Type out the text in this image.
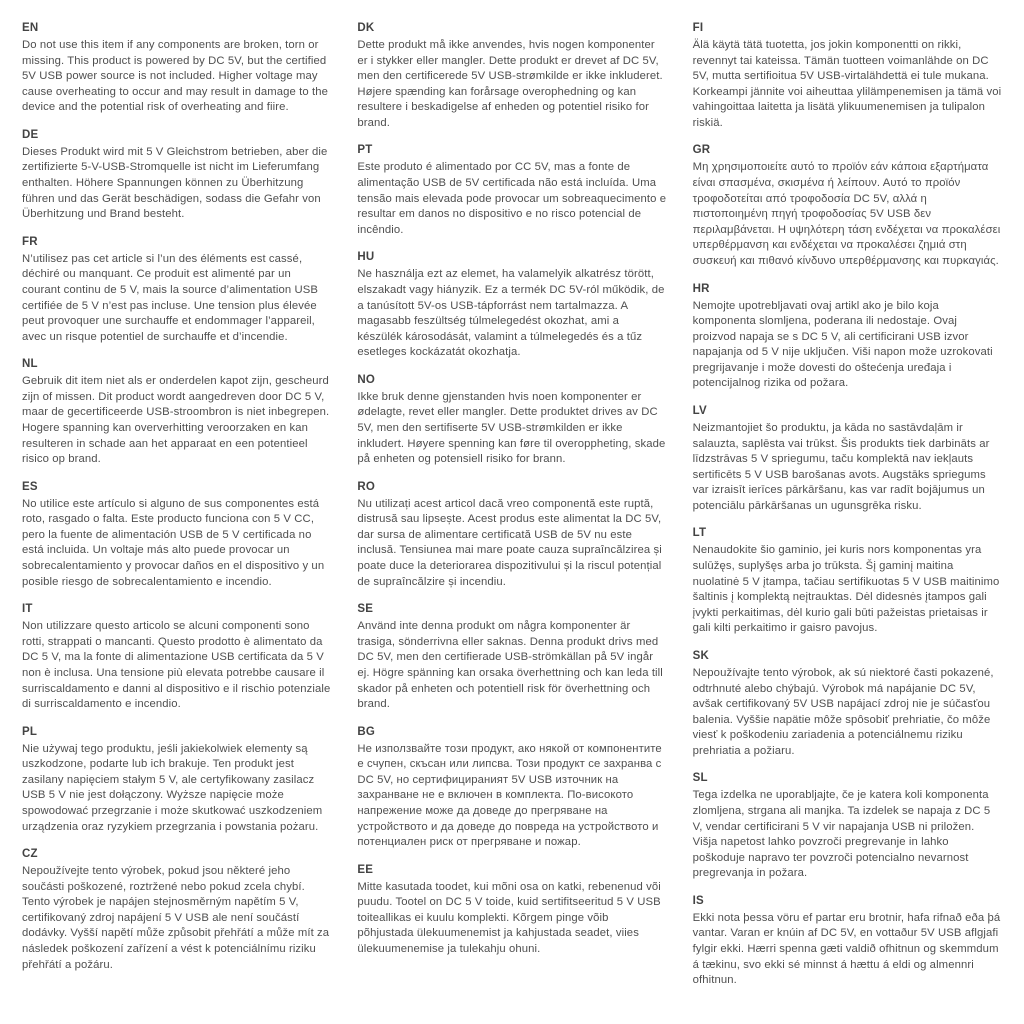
EN

Do not use this item if any components are broken, torn or missing. This product is powered by DC 5V, but the certified 5V USB power source is not included. Higher voltage may cause overheating to occur and may result in damage to the device and the potential risk of overheating and fiire.

DE

Dieses Produkt wird mit 5 V Gleichstrom betrieben, aber die zertifizierte 5-V-USB-Stromquelle ist nicht im Lieferumfang enthalten. Höhere Spannungen können zu Überhitzung führen und das Gerät beschädigen, sodass die Gefahr von Überhitzung und Brand besteht.

FR

N’utilisez pas cet article si l’un des éléments est cassé, déchiré ou manquant. Ce produit est alimenté par un courant continu de 5 V, mais la source d’alimentation USB certifiée de 5 V n’est pas incluse. Une tension plus élevée peut provoquer une surchauffe et endommager l’appareil, avec un risque potentiel de surchauffe et d’incendie.

NL

Gebruik dit item niet als er onderdelen kapot zijn, gescheurd zijn of missen. Dit product wordt aangedreven door DC 5 V, maar de gecertificeerde USB-stroombron is niet inbegrepen. Hogere spanning kan oververhitting veroorzaken en kan resulteren in schade aan het apparaat en een potentieel risico op brand.

ES

No utilice este artículo si alguno de sus componentes está roto, rasgado o falta. Este producto funciona con 5 V CC, pero la fuente de alimentación USB de 5 V certificada no está incluida. Un voltaje más alto puede provocar un sobrecalentamiento y provocar daños en el dispositivo y un posible riesgo de sobrecalentamiento e incendio.

IT

Non utilizzare questo articolo se alcuni componenti sono rotti, strappati o mancanti. Questo prodotto è alimentato da DC 5 V, ma la fonte di alimentazione USB certificata da 5 V non è inclusa. Una tensione più elevata potrebbe causare il surriscaldamento e danni al dispositivo e il rischio potenziale di surriscaldamento e incendio.

PL

Nie używaj tego produktu, jeśli jakiekolwiek elementy są uszkodzone, podarte lub ich brakuje. Ten produkt jest zasilany napięciem stałym 5 V, ale certyfikowany zasilacz USB 5 V nie jest dołączony. Wyższe napięcie może spowodować przegrzanie i może skutkować uszkodzeniem urządzenia oraz ryzykiem przegrzania i powstania pożaru.

CZ

Nepoužívejte tento výrobek, pokud jsou některé jeho součásti poškozené, roztržené nebo pokud zcela chybí. Tento výrobek je napájen stejnosměrným napětím 5 V, certifikovaný zdroj napájení 5 V USB ale není součástí dodávky. Vyšší napětí může způsobit přehřátí a může mít za následek poškození zařízení a vést k potenciálnímu riziku přehřátí a požáru.

DK

Dette produkt må ikke anvendes, hvis nogen komponenter er i stykker eller mangler. Dette produkt er drevet af DC 5V, men den certificerede 5V USB-strømkilde er ikke inkluderet. Højere spænding kan forårsage overophedning og kan resultere i beskadigelse af enheden og potentiel risiko for brand.

PT

Este produto é alimentado por CC 5V, mas a fonte de alimentação USB de 5V certificada não está incluída. Uma tensão mais elevada pode provocar um sobreaquecimento e resultar em danos no dispositivo e no risco potencial de incêndio.

HU

Ne használja ezt az elemet, ha valamelyik alkatrész törött, elszakadt vagy hiányzik. Ez a termék DC 5V-ról működik, de a tanúsított 5V-os USB-tápforrást nem tartalmazza. A magasabb feszültség túlmelegedést okozhat, ami a készülék károsodását, valamint a túlmelegedés és a tűz esetleges kockázatát okozhatja.

NO

Ikke bruk denne gjenstanden hvis noen komponenter er ødelagte, revet eller mangler. Dette produktet drives av DC 5V, men den sertifiserte 5V USB-strømkilden er ikke inkludert. Høyere spenning kan føre til overoppheting, skade på enheten og potensiell risiko for brann.

RO

Nu utilizați acest articol dacă vreo componentă este ruptă, distrusă sau lipsește. Acest produs este alimentat la DC 5V, dar sursa de alimentare certificată USB de 5V nu este inclusă. Tensiunea mai mare poate cauza supraîncălzirea și poate duce la deteriorarea dispozitivului și la riscul potențial de supraîncălzire și incendiu.

SE

Använd inte denna produkt om några komponenter är trasiga, sönderrivna eller saknas. Denna produkt drivs med DC 5V, men den certifierade USB-strömkällan på 5V ingår ej. Högre spänning kan orsaka överhettning och kan leda till skador på enheten och potentiell risk för överhettning och brand.

BG

Не използвайте този продукт, ако някой от компонентите е счупен, скъсан или липсва. Този продукт се захранва с DC 5V, но сертифицираният 5V USB източник на захранване не е включен в комплекта. По-високото напрежение може да доведе до прегряване на устройството и да доведе до повреда на устройството и потенциален риск от прегряване и пожар.

EE

Mitte kasutada toodet, kui mõni osa on katki, rebenenud või puudu. Tootel on DC 5 V toide, kuid sertifitseeritud 5 V USB toiteallikas ei kuulu komplekti. Kõrgem pinge võib põhjustada ülekuumenemist ja kahjustada seadet, viies ülekuumenemise ja tulekahju ohuni.

FI

Älä käytä tätä tuotetta, jos jokin komponentti on rikki, revennyt tai kateissa. Tämän tuotteen voimanlähde on DC 5V, mutta sertifioitua 5V USB-virtalähdettä ei tule mukana. Korkeampi jännite voi aiheuttaa ylilämpenemisen ja tämä voi vahingoittaa laitetta ja lisätä ylikuumenemisen ja tulipalon riskiä.

GR

Μη χρησιμοποιείτε αυτό το προϊόν εάν κάποια εξαρτήματα είναι σπασμένα, σκισμένα ή λείπουν. Αυτό το προϊόν τροφοδοτείται από τροφοδοσία DC 5V, αλλά η πιστοποιημένη πηγή τροφοδοσίας 5V USB δεν περιλαμβάνεται. Η υψηλότερη τάση ενδέχεται να προκαλέσει υπερθέρμανση και ενδέχεται να προκαλέσει ζημιά στη συσκευή και πιθανό κίνδυνο υπερθέρμανσης και πυρκαγιάς.

HR

Nemojte upotrebljavati ovaj artikl ako je bilo koja komponenta slomljena, poderana ili nedostaje. Ovaj proizvod napaja se s DC 5 V, ali certificirani USB izvor napajanja od 5 V nije uključen. Viši napon može uzrokovati pregrijavanje i može dovesti do oštećenja uređaja i potencijalnog rizika od požara.

LV

Neizmantojiet šo produktu, ja kāda no sastāvdaļām ir salauzta, saplēsta vai trūkst. Šis produkts tiek darbināts ar līdzstrāvas 5 V spriegumu, taču komplektā nav iekļauts sertificēts 5 V USB barošanas avots. Augstāks spriegums var izraisīt ierīces pārkāršanu, kas var radīt bojājumus un potenciālu pārkāršanas un ugunsgrēka risku.

LT

Nenaudokite šio gaminio, jei kuris nors komponentas yra sulūžęs, suplyšęs arba jo trūksta. Šį gaminį maitina nuolatinė 5 V įtampa, tačiau sertifikuotas 5 V USB maitinimo šaltinis į komplektą neįtrauktas. Dėl didesnės įtampos gali įvykti perkaitimas, dėl kurio gali būti pažeistas prietaisas ir gali kilti perkaitimo ir gaisro pavojus.

SK

Nepoužívajte tento výrobok, ak sú niektoré časti pokazené, odtrhnuté alebo chýbajú. Výrobok má napájanie DC 5V, avšak certifikovaný 5V USB napájací zdroj nie je súčasťou balenia. Vyššie napätie môže spôsobiť prehriatie, čo môže viesť k poškodeniu zariadenia a potenciálnemu riziku prehriatia a požiaru.

SL

Tega izdelka ne uporabljajte, če je katera koli komponenta zlomljena, strgana ali manjka. Ta izdelek se napaja z DC 5 V, vendar certificirani 5 V vir napajanja USB ni priložen. Višja napetost lahko povzroči pregrevanje in lahko poškoduje napravo ter povzroči potencialno nevarnost pregrevanja in požara.

IS

Ekki nota þessa vöru ef partar eru brotnir, hafa rifnað eða þá vantar. Varan er knúin af DC 5V, en vottaður 5V USB aflgjafi fylgir ekki. Hærri spenna gæti valdið ofhitnun og skemmdum á tækinu, svo ekki sé minnst á hættu á eldi og almennri ofhitnun.
